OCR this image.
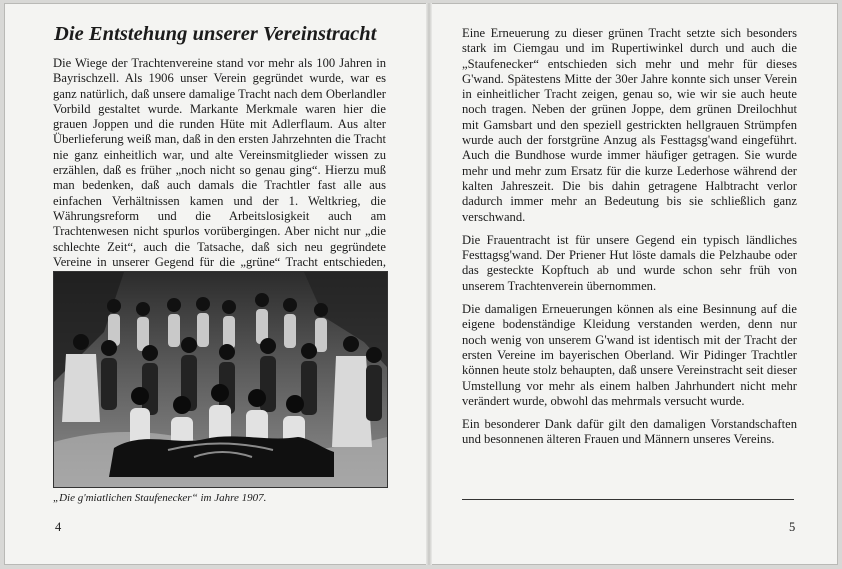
Die Entstehung unserer Vereinstracht

Die Wiege der Trachtenvereine stand vor mehr als 100 Jahren in Bayrischzell. Als 1906 unser Verein gegründet wurde, war es ganz natürlich, daß unsere damalige Tracht nach dem Oberlandler Vorbild gestaltet wurde. Markante Merkmale waren hier die grauen Joppen und die runden Hüte mit Adlerflaum. Aus alter Überlieferung weiß man, daß in den ersten Jahrzehnten die Tracht nie ganz einheitlich war, und alte Vereinsmitglieder wissen zu erzählen, daß es früher „noch nicht so genau ging“. Hierzu muß man bedenken, daß auch damals die Trachtler fast alle aus einfachen Verhältnissen kamen und der 1. Weltkrieg, die Währungsreform und die Arbeitslosigkeit auch am Trachtenwesen nicht spurlos vorübergingen. Aber nicht nur „die schlechte Zeit“, auch die Tatsache, daß sich neu gegründete Vereine in unserer Gegend für die „grüne“ Tracht entschieden,

„Die g'miatlichen Staufenecker“ im Jahre 1907.
4

Eine Erneuerung zu dieser grünen Tracht setzte sich besonders stark im Ciemgau und im Rupertiwinkel durch und auch die „Staufenecker“ entschieden sich mehr und mehr für dieses G'wand. Spätestens Mitte der 30er Jahre konnte sich unser Verein in einheitlicher Tracht zeigen, genau so, wie wir sie auch heute noch tragen. Neben der grünen Joppe, dem grünen Dreilochhut mit Gamsbart und den speziell gestrickten hellgrauen Strümpfen wurde auch der forstgrüne Anzug als Festtagsg'wand eingeführt. Auch die Bundhose wurde immer häufiger getragen. Sie wurde mehr und mehr zum Ersatz für die kurze Lederhose während der kalten Jahreszeit. Die bis dahin getragene Halbtracht verlor dadurch immer mehr an Bedeutung bis sie schließlich ganz verschwand.

Die Frauentracht ist für unsere Gegend ein typisch ländliches Festtagsg'wand. Der Priener Hut löste damals die Pelzhaube oder das gesteckte Kopftuch ab und wurde schon sehr früh von unserem Trachtenverein übernommen.

Die damaligen Erneuerungen können als eine Besinnung auf die eigene bodenständige Kleidung verstanden werden, denn nur noch wenig von unserem G'wand ist identisch mit der Tracht der ersten Vereine im bayerischen Oberland. Wir Pidinger Trachtler können heute stolz behaupten, daß unsere Vereinstracht seit dieser Umstellung vor mehr als einem halben Jahrhundert nicht mehr verändert wurde, obwohl das mehrmals versucht wurde.

Ein besonderer Dank dafür gilt den damaligen Vorstandschaften und besonnenen älteren Frauen und Männern unseres Vereins.

5
